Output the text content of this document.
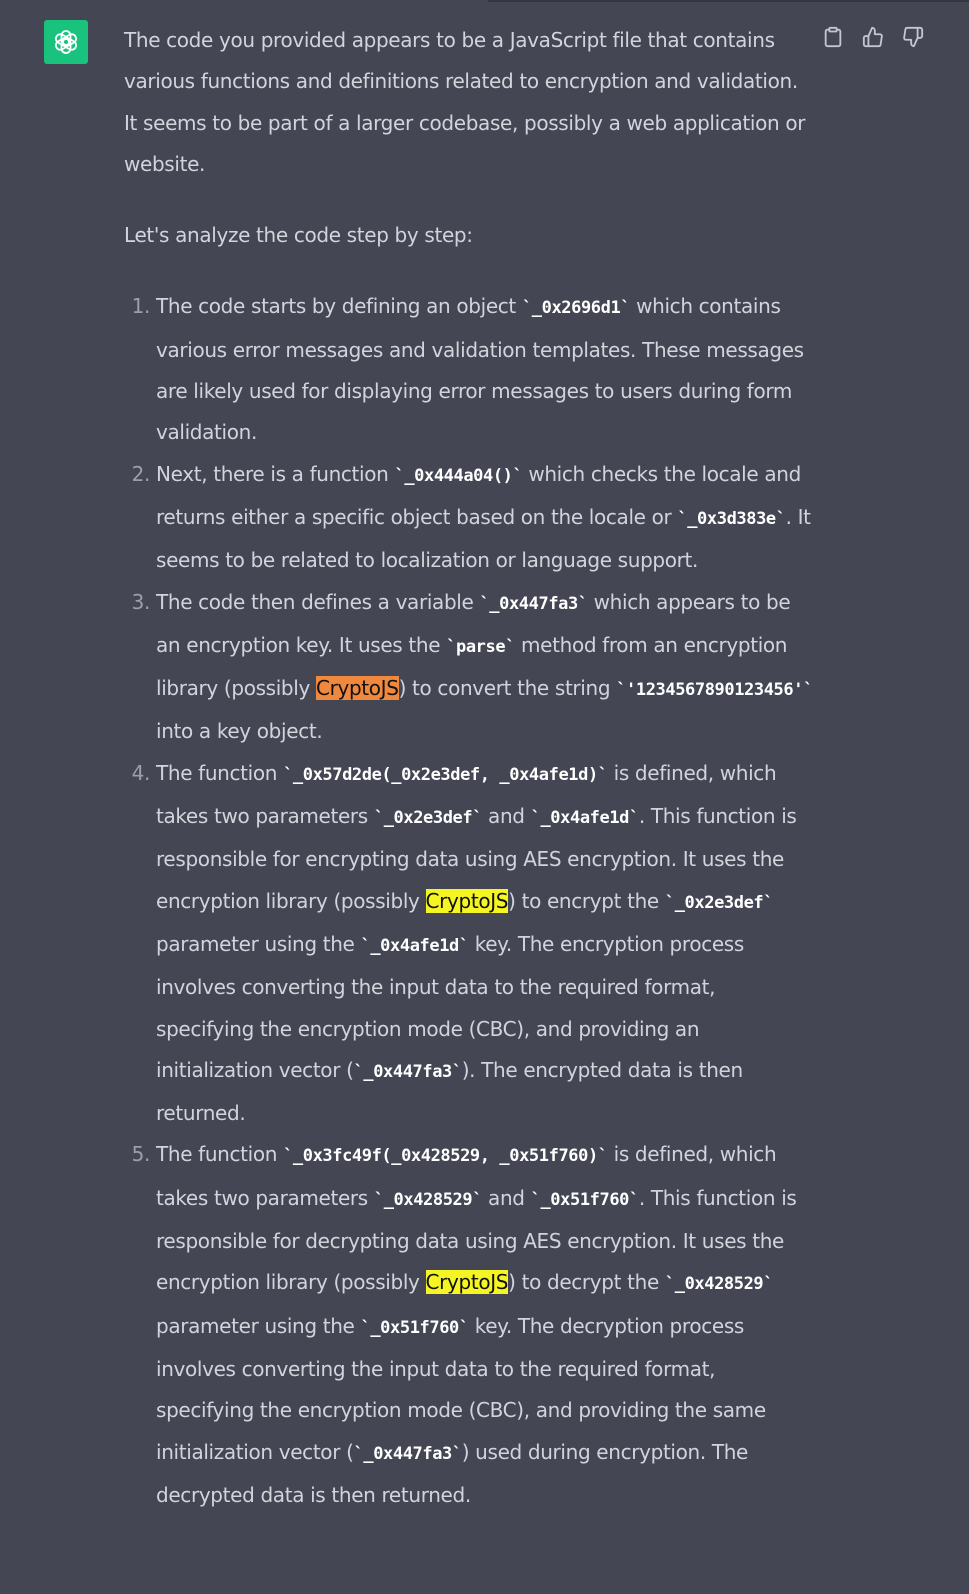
The code you provided appears to be a JavaScript file that contains various functions and definitions related to encryption and validation. It seems to be part of a larger codebase, possibly a web application or website.

Let's analyze the code step by step:

1. The code starts by defining an object `_0x2696d1` which contains various error messages and validation templates. These messages are likely used for displaying error messages to users during form validation.
2. Next, there is a function `_0x444a04()` which checks the locale and returns either a specific object based on the locale or `_0x3d383e`. It seems to be related to localization or language support.
3. The code then defines a variable `_0x447fa3` which appears to be an encryption key. It uses the `parse` method from an encryption library (possibly CryptoJS) to convert the string `'1234567890123456'` into a key object.
4. The function `_0x57d2de(_0x2e3def, _0x4afe1d)` is defined, which takes two parameters `_0x2e3def` and `_0x4afe1d`. This function is responsible for encrypting data using AES encryption. It uses the encryption library (possibly CryptoJS) to encrypt the `_0x2e3def` parameter using the `_0x4afe1d` key. The encryption process involves converting the input data to the required format, specifying the encryption mode (CBC), and providing an initialization vector (`_0x447fa3`). The encrypted data is then returned.
5. The function `_0x3fc49f(_0x428529, _0x51f760)` is defined, which takes two parameters `_0x428529` and `_0x51f760`. This function is responsible for decrypting data using AES encryption. It uses the encryption library (possibly CryptoJS) to decrypt the `_0x428529` parameter using the `_0x51f760` key. The decryption process involves converting the input data to the required format, specifying the encryption mode (CBC), and providing the same initialization vector (`_0x447fa3`) used during encryption. The decrypted data is then returned.
